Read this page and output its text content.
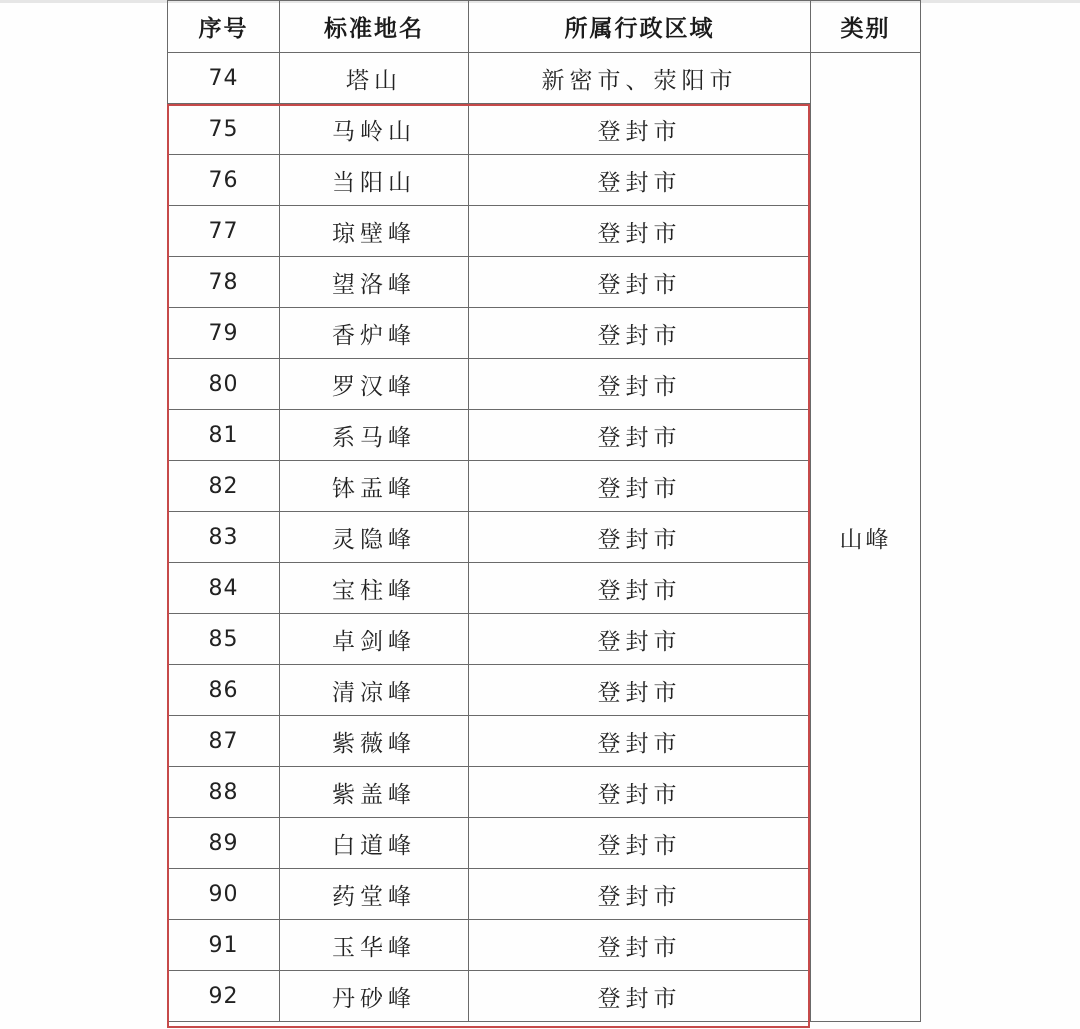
序号	标准地名	所属行政区域	类别
74	塔山	新密市、荥阳市	山峰
75	马岭山	登封市	
76	当阳山	登封市	
77	琼壁峰	登封市	
78	望洛峰	登封市	
79	香炉峰	登封市	
80	罗汉峰	登封市	
81	系马峰	登封市	
82	钵盂峰	登封市	
83	灵隐峰	登封市	
84	宝柱峰	登封市	
85	卓剑峰	登封市	
86	清凉峰	登封市	
87	紫薇峰	登封市	
88	紫盖峰	登封市	
89	白道峰	登封市	
90	药堂峰	登封市	
91	玉华峰	登封市	
92	丹砂峰	登封市	
